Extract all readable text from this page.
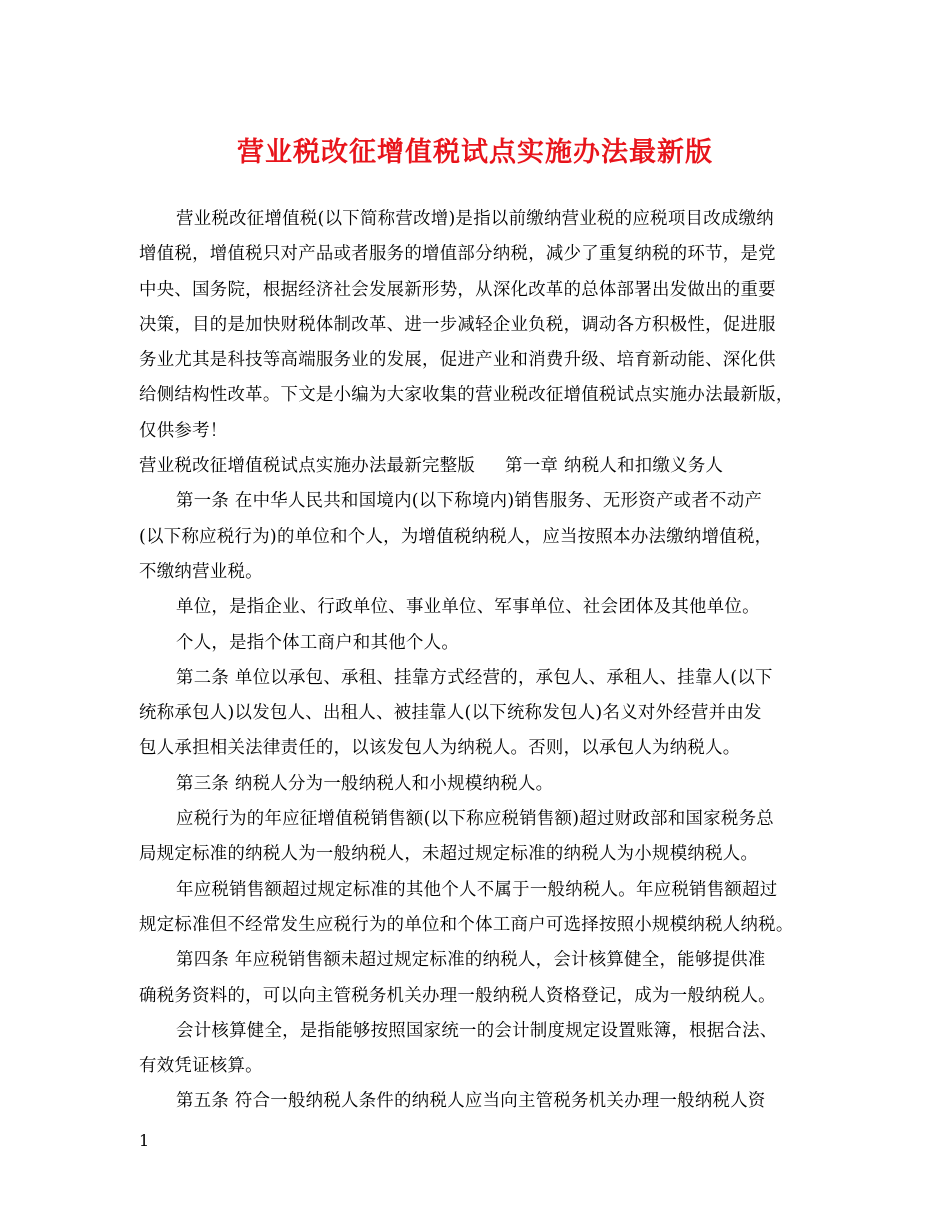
营业税改征增值税试点实施办法最新版
营业税改征增值税(以下简称营改增)是指以前缴纳营业税的应税项目改成缴纳
增值税，增值税只对产品或者服务的增值部分纳税，减少了重复纳税的环节，是党
中央、国务院，根据经济社会发展新形势，从深化改革的总体部署出发做出的重要
决策，目的是加快财税体制改革、进一步减轻企业负税，调动各方积极性，促进服
务业尤其是科技等高端服务业的发展，促进产业和消费升级、培育新动能、深化供
给侧结构性改革。下文是小编为大家收集的营业税改征增值税试点实施办法最新版，
仅供参考！
营业税改征增值税试点实施办法最新完整版 第一章 纳税人和扣缴义务人
第一条 在中华人民共和国境内(以下称境内)销售服务、无形资产或者不动产
(以下称应税行为)的单位和个人，为增值税纳税人，应当按照本办法缴纳增值税，
不缴纳营业税。
单位，是指企业、行政单位、事业单位、军事单位、社会团体及其他单位。
个人，是指个体工商户和其他个人。
第二条 单位以承包、承租、挂靠方式经营的，承包人、承租人、挂靠人(以下
统称承包人)以发包人、出租人、被挂靠人(以下统称发包人)名义对外经营并由发
包人承担相关法律责任的，以该发包人为纳税人。否则，以承包人为纳税人。
第三条 纳税人分为一般纳税人和小规模纳税人。
应税行为的年应征增值税销售额(以下称应税销售额)超过财政部和国家税务总
局规定标准的纳税人为一般纳税人，未超过规定标准的纳税人为小规模纳税人。
年应税销售额超过规定标准的其他个人不属于一般纳税人。年应税销售额超过
规定标准但不经常发生应税行为的单位和个体工商户可选择按照小规模纳税人纳税。
第四条 年应税销售额未超过规定标准的纳税人，会计核算健全，能够提供准
确税务资料的，可以向主管税务机关办理一般纳税人资格登记，成为一般纳税人。
会计核算健全，是指能够按照国家统一的会计制度规定设置账簿，根据合法、
有效凭证核算。
第五条 符合一般纳税人条件的纳税人应当向主管税务机关办理一般纳税人资
1
